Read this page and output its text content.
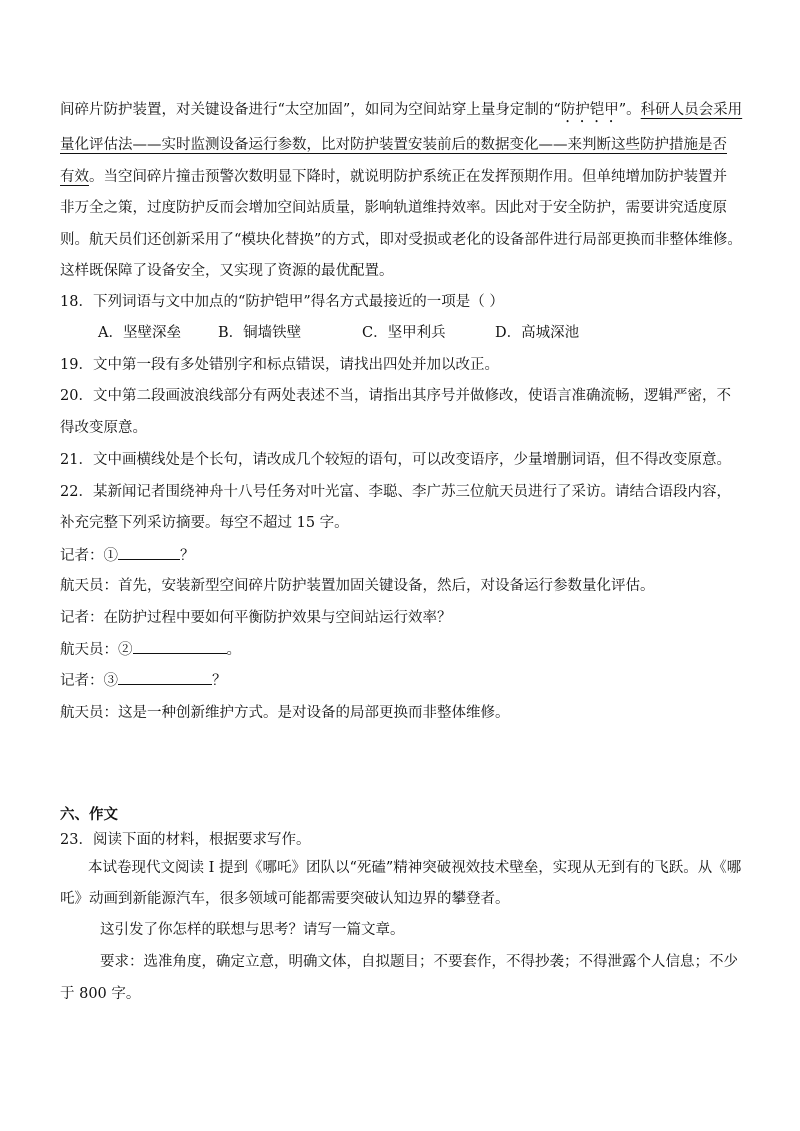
间碎片防护装置，对关键设备进行“太空加固”，如同为空间站穿上量身定制的“防护铠甲”。科研人员会采用
量化评估法——实时监测设备运行参数，比对防护装置安装前后的数据变化——来判断这些防护措施是否
有效。当空间碎片撞击预警次数明显下降时，就说明防护系统正在发挥预期作用。但单纯增加防护装置并
非万全之策，过度防护反而会增加空间站质量，影响轨道维持效率。因此对于安全防护，需要讲究适度原
则。航天员们还创新采用了“模块化替换”的方式，即对受损或老化的设备部件进行局部更换而非整体维修。
这样既保障了设备安全，又实现了资源的最优配置。
18．下列词语与文中加点的“防护铠甲”得名方式最接近的一项是（ ）
A．坚壁深垒	B．铜墙铁壁	C．坚甲利兵	D．高城深池
19．文中第一段有多处错别字和标点错误，请找出四处并加以改正。
20．文中第二段画波浪线部分有两处表述不当，请指出其序号并做修改，使语言准确流畅，逻辑严密，不
得改变原意。
21．文中画横线处是个长句，请改成几个较短的语句，可以改变语序，少量增删词语，但不得改变原意。
22．某新闻记者围绕神舟十八号任务对叶光富、李聪、李广苏三位航天员进行了采访。请结合语段内容，
补充完整下列采访摘要。每空不超过 15 字。
记者：①	？
航天员：首先，安装新型空间碎片防护装置加固关键设备，然后，对设备运行参数量化评估。
记者：在防护过程中要如何平衡防护效果与空间站运行效率？
航天员：②	。
记者：③	？
航天员：这是一种创新维护方式。是对设备的局部更换而非整体维修。
六、作文
23．阅读下面的材料，根据要求写作。
本试卷现代文阅读 I 提到《哪吒》团队以“死磕”精神突破视效技术壁垒，实现从无到有的飞跃。从《哪
吒》动画到新能源汽车，很多领域可能都需要突破认知边界的攀登者。
这引发了你怎样的联想与思考？请写一篇文章。
要求：选准角度，确定立意，明确文体，自拟题目；不要套作，不得抄袭；不得泄露个人信息；不少
于 800 字。
